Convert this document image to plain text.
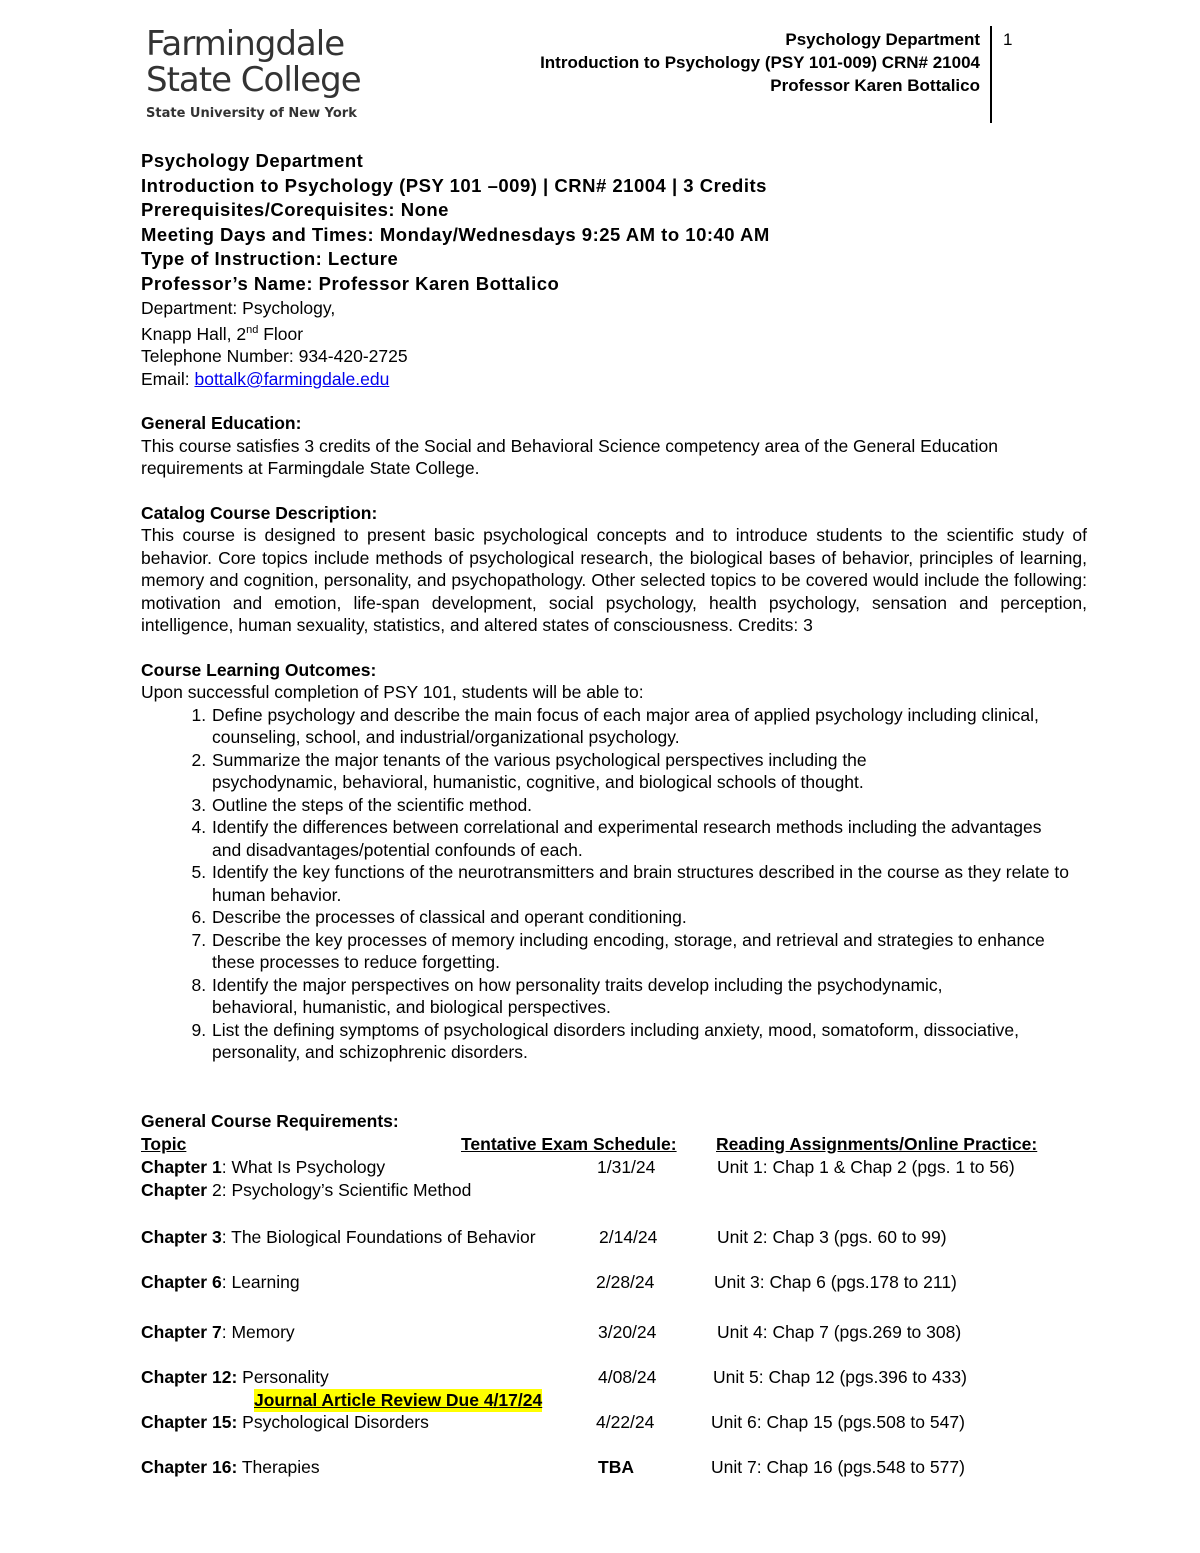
Farmingdale
State College
State University of New York
Psychology Department
Introduction to Psychology (PSY 101-009) CRN# 21004
Professor Karen Bottalico
1
Psychology Department
Introduction to Psychology (PSY 101 –009) | CRN# 21004 | 3 Credits
Prerequisites/Corequisites: None
Meeting Days and Times: Monday/Wednesdays 9:25 AM to 10:40 AM
Type of Instruction: Lecture
Professor’s Name: Professor Karen Bottalico
Department: Psychology,
Knapp Hall, 2nd Floor
Telephone Number: 934-420-2725
Email: bottalk@farmingdale.edu
General Education:
This course satisfies 3 credits of the Social and Behavioral Science competency area of the General Education requirements at Farmingdale State College.
Catalog Course Description:
This course is designed to present basic psychological concepts and to introduce students to the scientific study of behavior. Core topics include methods of psychological research, the biological bases of behavior, principles of learning, memory and cognition, personality, and psychopathology. Other selected topics to be covered would include the following: motivation and emotion, life-span development, social psychology, health psychology, sensation and perception, intelligence, human sexuality, statistics, and altered states of consciousness. Credits: 3
Course Learning Outcomes:
Upon successful completion of PSY 101, students will be able to:
1. Define psychology and describe the main focus of each major area of applied psychology including clinical, counseling, school, and industrial/organizational psychology.
2. Summarize the major tenants of the various psychological perspectives including the psychodynamic, behavioral, humanistic, cognitive, and biological schools of thought.
3. Outline the steps of the scientific method.
4. Identify the differences between correlational and experimental research methods including the advantages and disadvantages/potential confounds of each.
5. Identify the key functions of the neurotransmitters and brain structures described in the course as they relate to human behavior.
6. Describe the processes of classical and operant conditioning.
7. Describe the key processes of memory including encoding, storage, and retrieval and strategies to enhance these processes to reduce forgetting.
8. Identify the major perspectives on how personality traits develop including the psychodynamic, behavioral, humanistic, and biological perspectives.
9. List the defining symptoms of psychological disorders including anxiety, mood, somatoform, dissociative, personality, and schizophrenic disorders.
General Course Requirements:
Topic	Tentative Exam Schedule: Reading Assignments/Online Practice:
Chapter 1: What Is Psychology	1/31/24	Unit 1: Chap 1 & Chap 2 (pgs. 1 to 56)
Chapter 2: Psychology’s Scientific Method
Chapter 3: The Biological Foundations of Behavior	2/14/24	Unit 2: Chap 3 (pgs. 60 to 99)
Chapter 6: Learning	2/28/24	Unit 3: Chap 6 (pgs.178 to 211)
Chapter 7: Memory	3/20/24	Unit 4: Chap 7 (pgs.269 to 308)
Chapter 12: Personality	4/08/24	Unit 5: Chap 12 (pgs.396 to 433)
Journal Article Review Due 4/17/24
Chapter 15: Psychological Disorders	4/22/24	Unit 6: Chap 15 (pgs.508 to 547)
Chapter 16: Therapies	TBA	Unit 7: Chap 16 (pgs.548 to 577)
